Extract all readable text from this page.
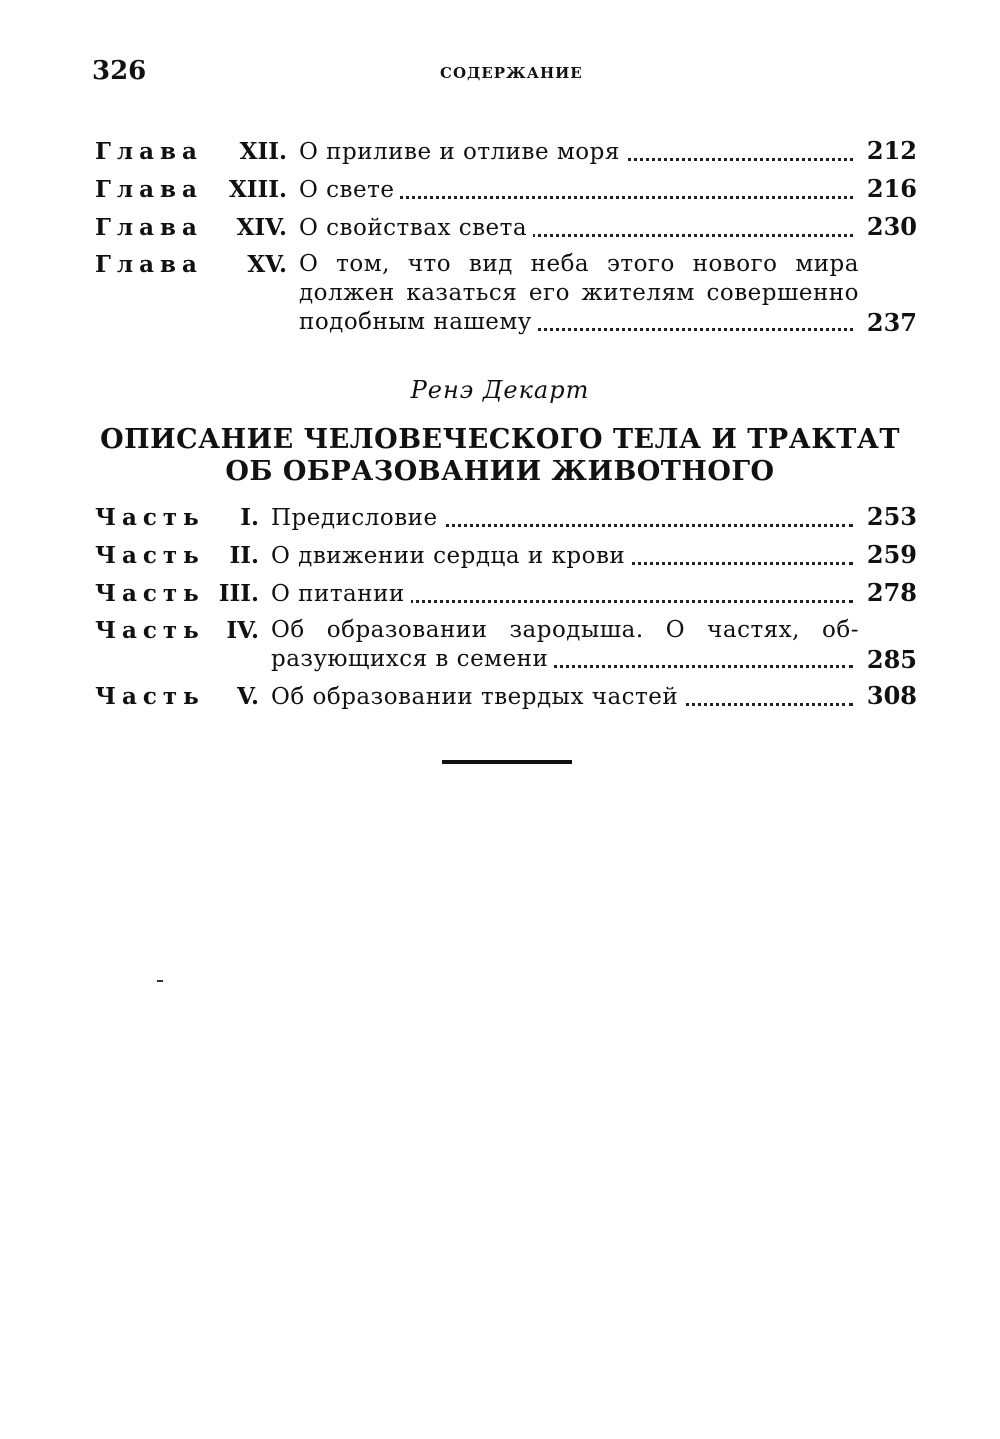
326	СОДЕРЖАНИЕ
Глава	XII. О приливе и отливе моря	212
Глава	XIII. О свете	216
Глава	XIV. О свойствах света	230
Глава	XV. О том, что вид неба этого нового мира
должен казаться его жителям совершенно
подобным нашему	237
Ренэ Декарт
ОПИСАНИЕ ЧЕЛОВЕЧЕСКОГО ТЕЛА И ТРАКТАТ
ОБ ОБРАЗОВАНИИ ЖИВОТНОГО
Часть	I. Предисловие	253
Часть	II. О движении сердца и крови	259
Часть III. О питании	278
Часть IV. Об образовании зародыша. О частях, об-
разующихся в семени	285
Часть	V. Об образовании твердых частей	308
